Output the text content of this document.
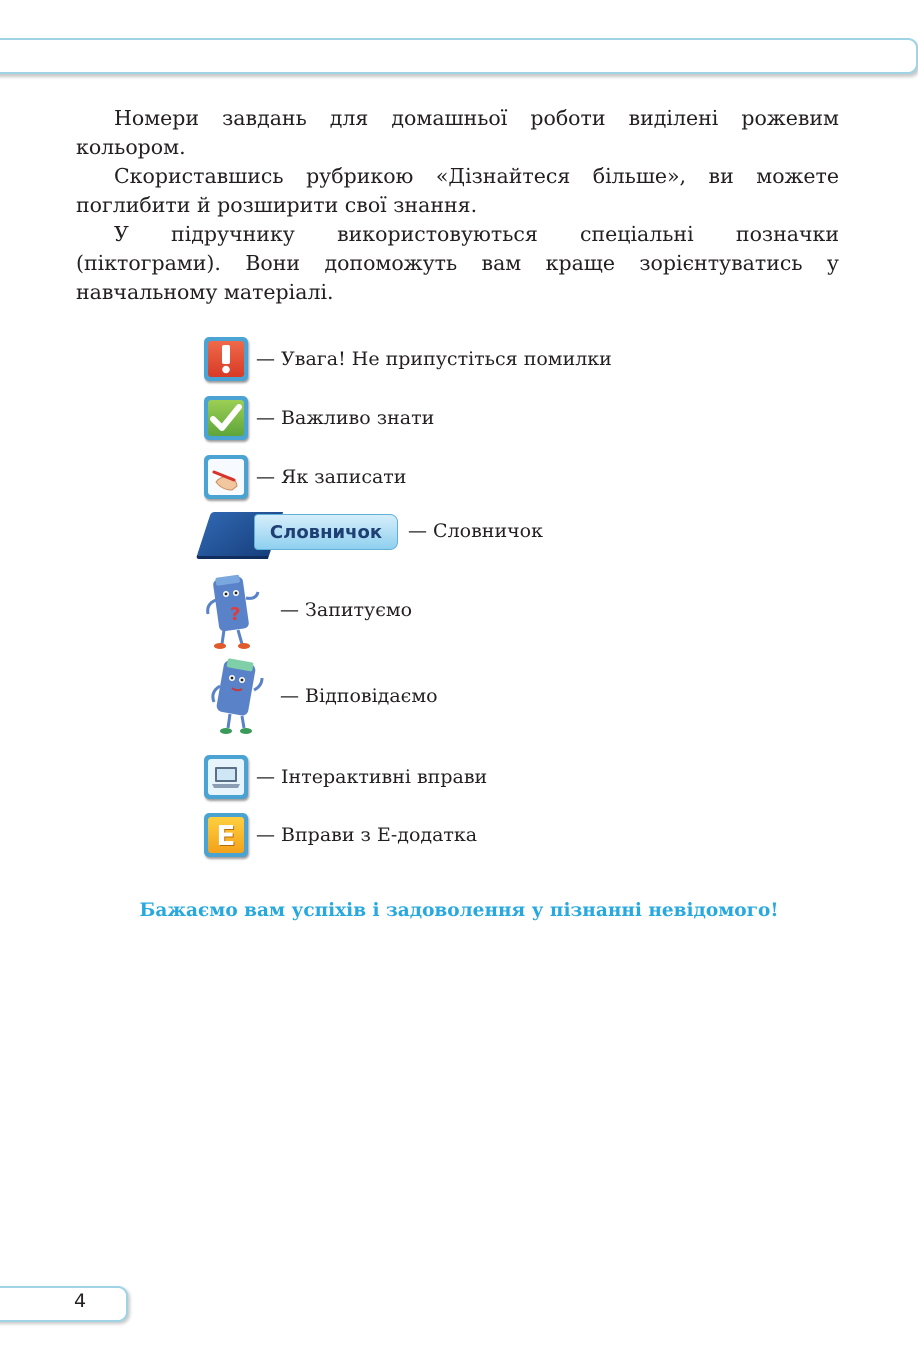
Номери завдань для домашньої роботи виділені рожевим кольором.

Скориставшись рубрикою «Дізнайтеся більше», ви можете поглибити й розширити свої знання.

У підручнику використовуються спеціальні позначки (піктограми). Вони допоможуть вам краще зорієнтуватись у навчальному матеріалі.

— Увага! Не припустіться помилки
— Важливо знати
— Як записати
Словничок	— Словничок
? — Запитуємо
— Відповідаємо
— Інтерактивні вправи
E — Вправи з Е-додатка
Бажаємо вам успіхів і задоволення у пізнанні невідомого!
4
